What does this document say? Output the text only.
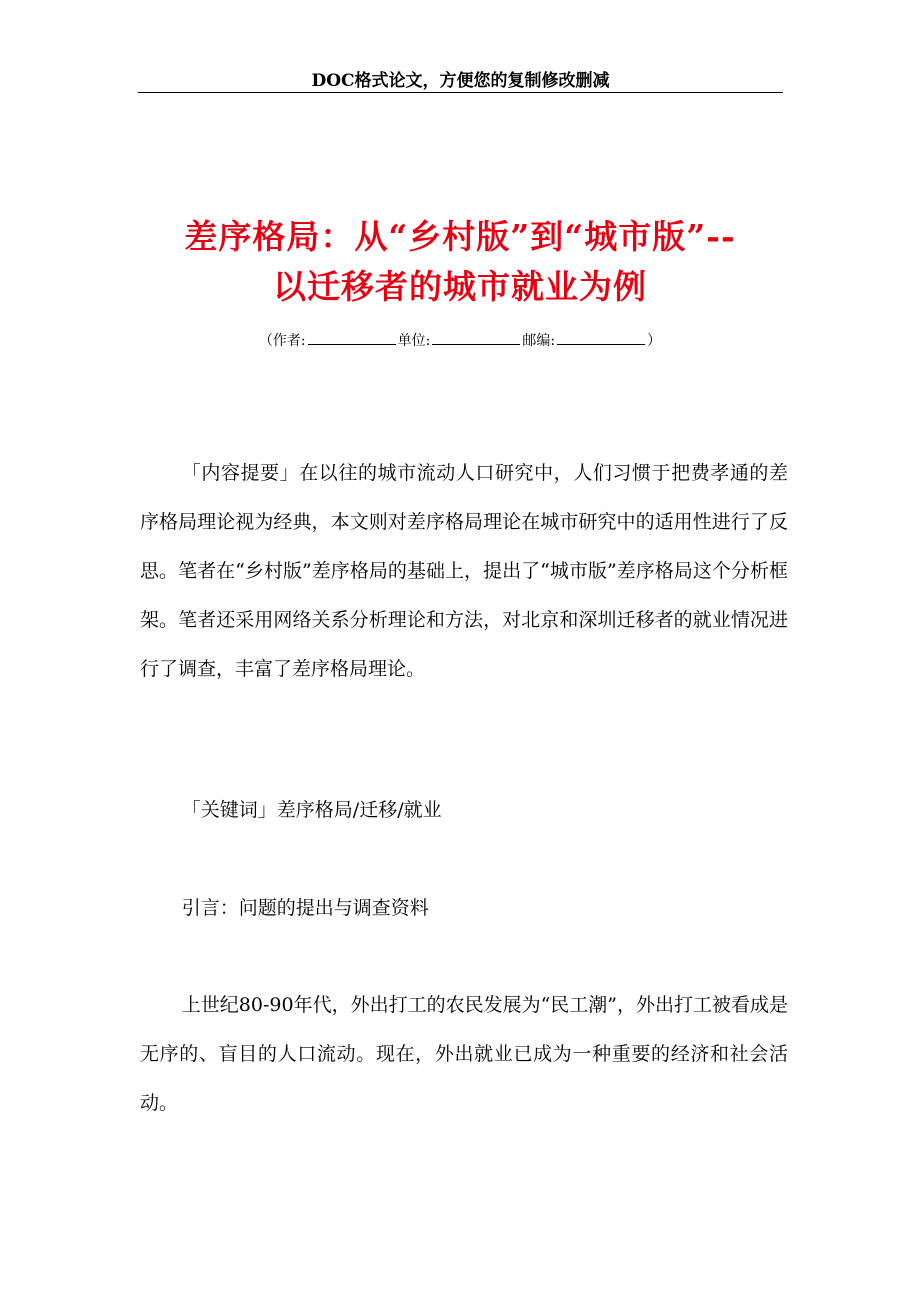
DOC格式论文，方便您的复制修改删减
差序格局：从“乡村版”到“城市版”--
以迁移者的城市就业为例
（作者:	单位:	邮编:	）
「内容提要」在以往的城市流动人口研究中，人们习惯于把费孝通的差序格局理论视为经典，本文则对差序格局理论在城市研究中的适用性进行了反思。笔者在“乡村版”差序格局的基础上，提出了“城市版”差序格局这个分析框架。笔者还采用网络关系分析理论和方法，对北京和深圳迁移者的就业情况进行了调查，丰富了差序格局理论。
「关键词」差序格局/迁移/就业
引言：问题的提出与调查资料
上世纪80-90年代，外出打工的农民发展为“民工潮”，外出打工被看成是无序的、盲目的人口流动。现在，外出就业已成为一种重要的经济和社会活动。
